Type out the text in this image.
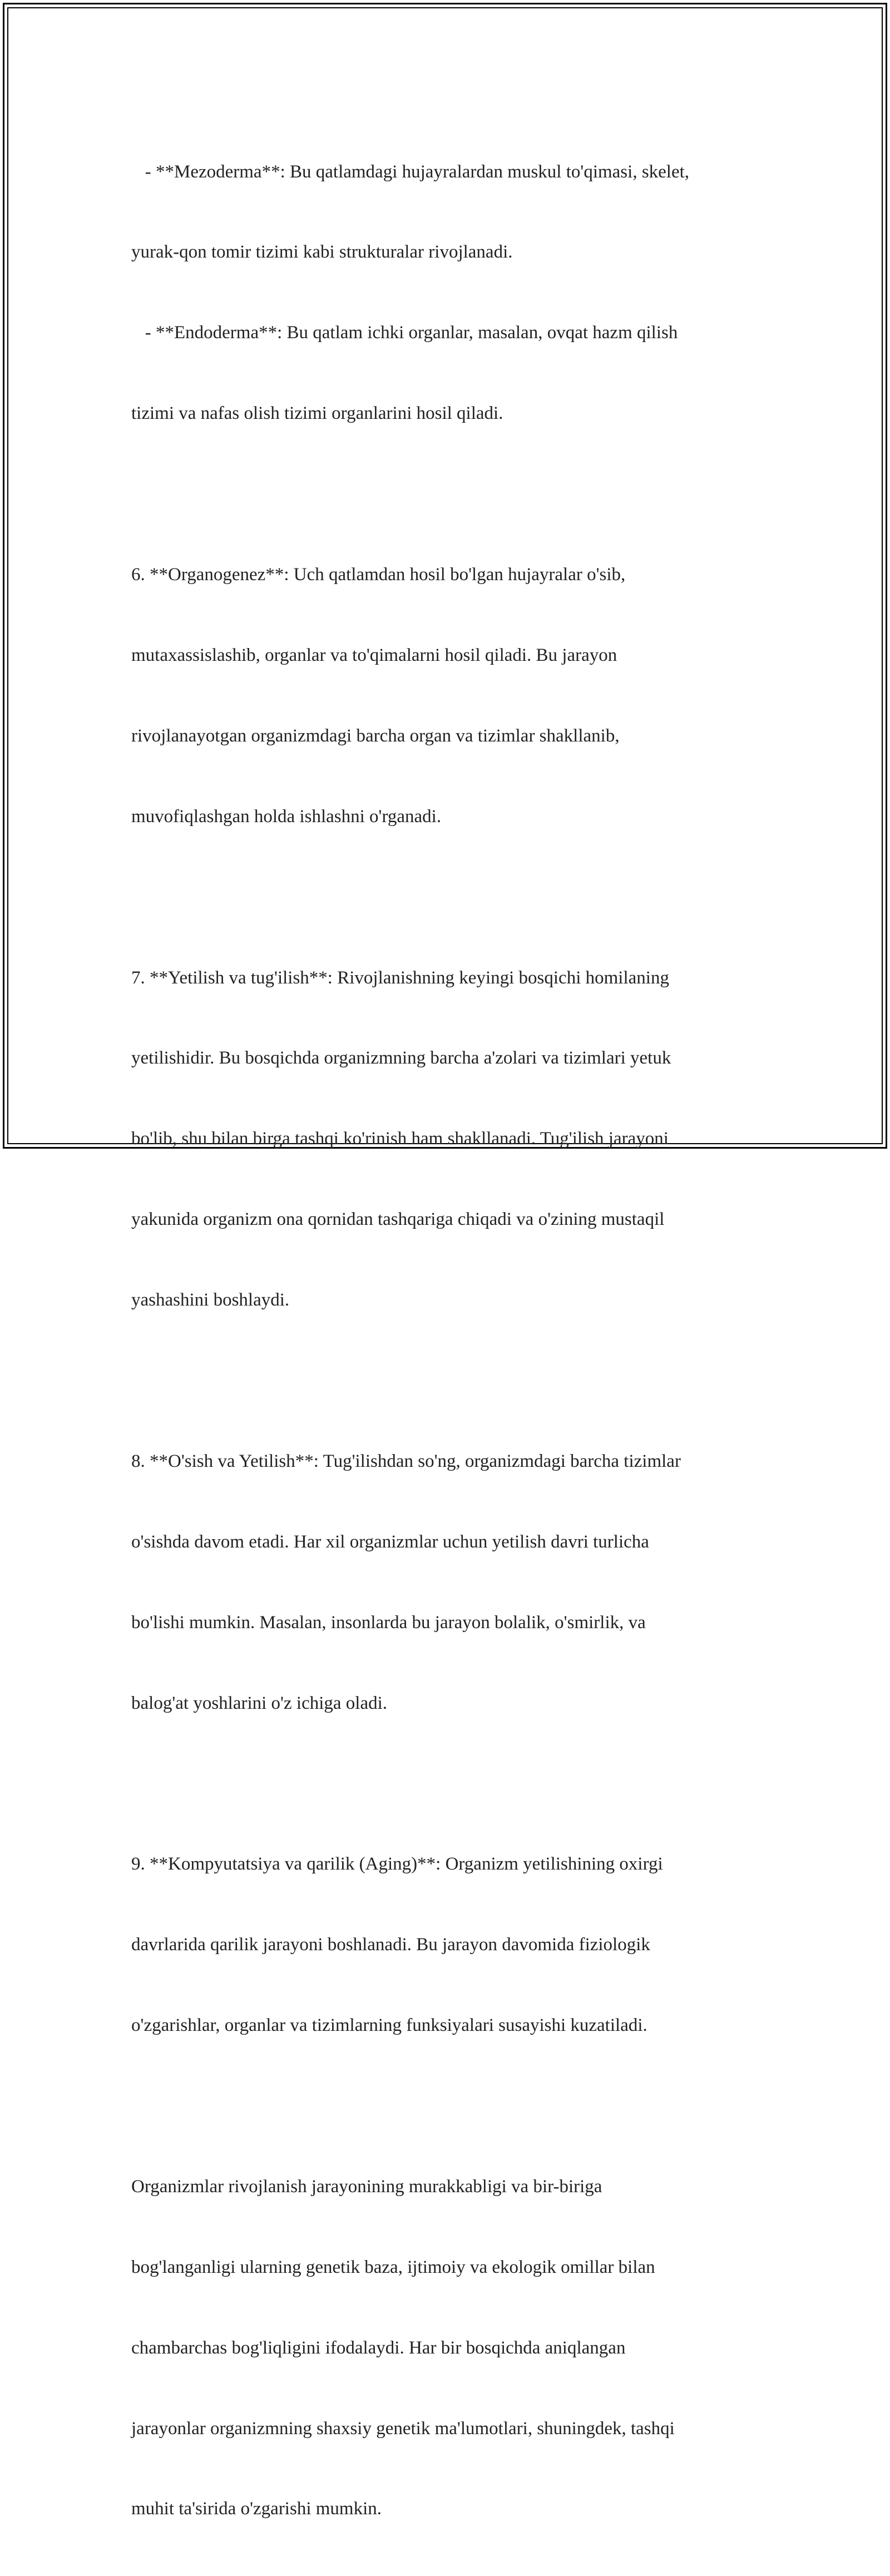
- **Mezoderma**: Bu qatlamdagi hujayralardan muskul to'qimasi, skelet,

yurak-qon tomir tizimi kabi strukturalar rivojlanadi.

- **Endoderma**: Bu qatlam ichki organlar, masalan, ovqat hazm qilish

tizimi va nafas olish tizimi organlarini hosil qiladi.

6. **Organogenez**: Uch qatlamdan hosil bo'lgan hujayralar o'sib,

mutaxassislashib, organlar va to'qimalarni hosil qiladi. Bu jarayon

rivojlanayotgan organizmdagi barcha organ va tizimlar shakllanib,

muvofiqlashgan holda ishlashni o'rganadi.

7. **Yetilish va tug'ilish**: Rivojlanishning keyingi bosqichi homilaning

yetilishidir. Bu bosqichda organizmning barcha a'zolari va tizimlari yetuk

bo'lib, shu bilan birga tashqi ko'rinish ham shakllanadi. Tug'ilish jarayoni

yakunida organizm ona qornidan tashqariga chiqadi va o'zining mustaqil

yashashini boshlaydi.

8. **O'sish va Yetilish**: Tug'ilishdan so'ng, organizmdagi barcha tizimlar

o'sishda davom etadi. Har xil organizmlar uchun yetilish davri turlicha

bo'lishi mumkin. Masalan, insonlarda bu jarayon bolalik, o'smirlik, va

balog'at yoshlarini o'z ichiga oladi.

9. **Kompyutatsiya va qarilik (Aging)**: Organizm yetilishining oxirgi

davrlarida qarilik jarayoni boshlanadi. Bu jarayon davomida fiziologik

o'zgarishlar, organlar va tizimlarning funksiyalari susayishi kuzatiladi.

Organizmlar rivojlanish jarayonining murakkabligi va bir-biriga

bog'langanligi ularning genetik baza, ijtimoiy va ekologik omillar bilan

chambarchas bog'liqligini ifodalaydi. Har bir bosqichda aniqlangan

jarayonlar organizmning shaxsiy genetik ma'lumotlari, shuningdek, tashqi

muhit ta'sirida o'zgarishi mumkin.
